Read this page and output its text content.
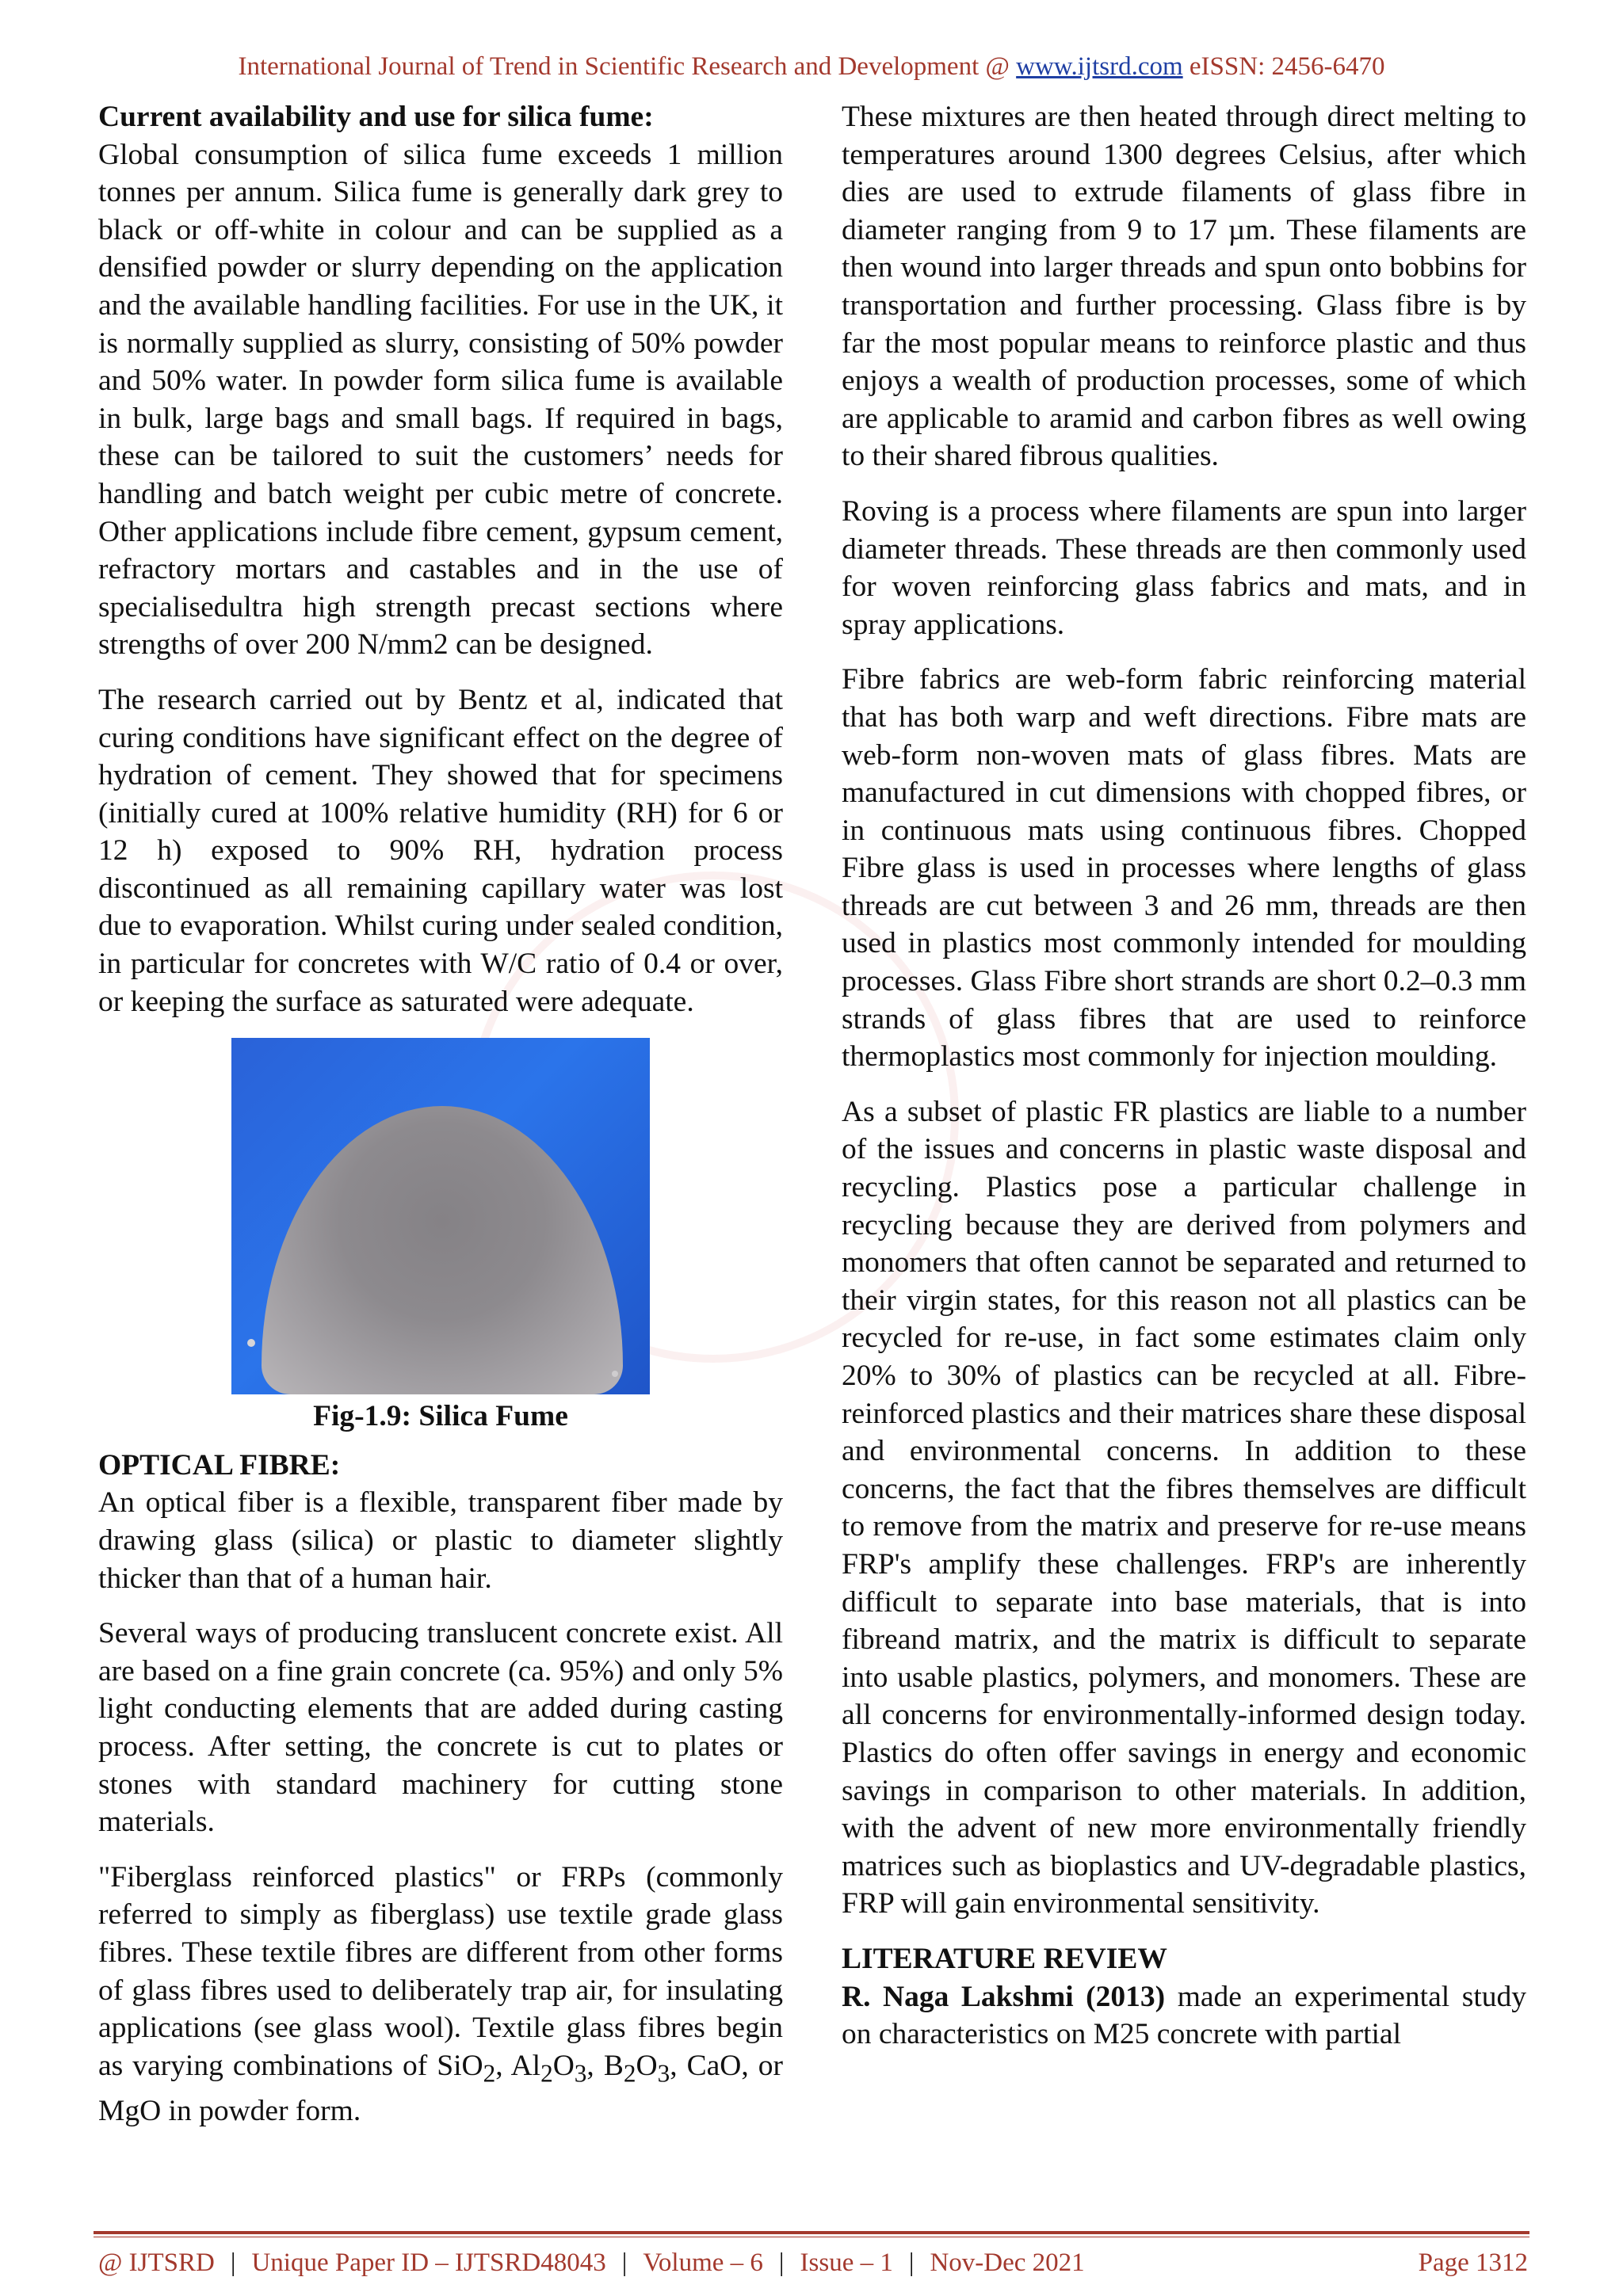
International Journal of Trend in Scientific Research and Development @ www.ijtsrd.com eISSN: 2456-6470
Current availability and use for silica fume:

Global consumption of silica fume exceeds 1 million tonnes per annum. Silica fume is generally dark grey to black or off-white in colour and can be supplied as a densified powder or slurry depending on the application and the available handling facilities. For use in the UK, it is normally supplied as slurry, consisting of 50% powder and 50% water. In powder form silica fume is available in bulk, large bags and small bags. If required in bags, these can be tailored to suit the customers’ needs for handling and batch weight per cubic metre of concrete. Other applications include fibre cement, gypsum cement, refractory mortars and castables and in the use of specialisedultra high strength precast sections where strengths of over 200 N/mm2 can be designed.

The research carried out by Bentz et al, indicated that curing conditions have significant effect on the degree of hydration of cement. They showed that for specimens (initially cured at 100% relative humidity (RH) for 6 or 12 h) exposed to 90% RH, hydration process discontinued as all remaining capillary water was lost due to evaporation. Whilst curing under sealed condition, in particular for concretes with W/C ratio of 0.4 or over, or keeping the surface as saturated were adequate.

Fig-1.9: Silica Fume
OPTICAL FIBRE:

An optical fiber is a flexible, transparent fiber made by drawing glass (silica) or plastic to diameter slightly thicker than that of a human hair.

Several ways of producing translucent concrete exist. All are based on a fine grain concrete (ca. 95%) and only 5% light conducting elements that are added during casting process. After setting, the concrete is cut to plates or stones with standard machinery for cutting stone materials.

"Fiberglass reinforced plastics" or FRPs (commonly referred to simply as fiberglass) use textile grade glass fibres. These textile fibres are different from other forms of glass fibres used to deliberately trap air, for insulating applications (see glass wool). Textile glass fibres begin as varying combinations of SiO$_2$, $Al_2O_3$, $B_2O_3$, CaO, or MgO in powder form.

These mixtures are then heated through direct melting to temperatures around 1300 degrees Celsius, after which dies are used to extrude filaments of glass fibre in diameter ranging from 9 to 17 µm. These filaments are then wound into larger threads and spun onto bobbins for transportation and further processing. Glass fibre is by far the most popular means to reinforce plastic and thus enjoys a wealth of production processes, some of which are applicable to aramid and carbon fibres as well owing to their shared fibrous qualities.

Roving is a process where filaments are spun into larger diameter threads. These threads are then commonly used for woven reinforcing glass fabrics and mats, and in spray applications.

Fibre fabrics are web-form fabric reinforcing material that has both warp and weft directions. Fibre mats are web-form non-woven mats of glass fibres. Mats are manufactured in cut dimensions with chopped fibres, or in continuous mats using continuous fibres. Chopped Fibre glass is used in processes where lengths of glass threads are cut between 3 and 26 mm, threads are then used in plastics most commonly intended for moulding processes. Glass Fibre short strands are short 0.2–0.3 mm strands of glass fibres that are used to reinforce thermoplastics most commonly for injection moulding.

As a subset of plastic FR plastics are liable to a number of the issues and concerns in plastic waste disposal and recycling. Plastics pose a particular challenge in recycling because they are derived from polymers and monomers that often cannot be separated and returned to their virgin states, for this reason not all plastics can be recycled for re-use, in fact some estimates claim only 20% to 30% of plastics can be recycled at all. Fibre-reinforced plastics and their matrices share these disposal and environmental concerns. In addition to these concerns, the fact that the fibres themselves are difficult to remove from the matrix and preserve for re-use means FRP's amplify these challenges. FRP's are inherently difficult to separate into base materials, that is into fibreand matrix, and the matrix is difficult to separate into usable plastics, polymers, and monomers. These are all concerns for environmentally-informed design today. Plastics do often offer savings in energy and economic savings in comparison to other materials. In addition, with the advent of new more environmentally friendly matrices such as bioplastics and UV-degradable plastics, FRP will gain environmental sensitivity.

LITERATURE REVIEW

R. Naga Lakshmi (2013) made an experimental study on characteristics on M25 concrete with partial

@ IJTSRD | Unique Paper ID – IJTSRD48043 | Volume – 6 | Issue – 1 | Nov-Dec 2021	Page 1312
